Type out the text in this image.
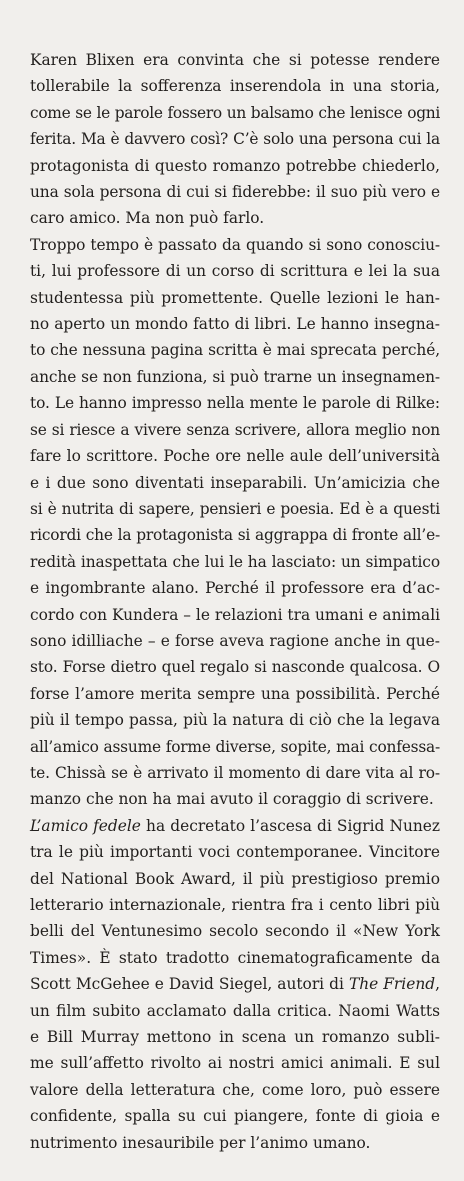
Karen Blixen era convinta che si potesse rendere
tollerabile la sofferenza inserendola in una storia,
come se le parole fossero un balsamo che lenisce ogni
ferita. Ma è davvero così? C’è solo una persona cui la
protagonista di questo romanzo potrebbe chiederlo,
una sola persona di cui si fiderebbe: il suo più vero e
caro amico. Ma non può farlo.

Troppo tempo è passato da quando si sono conosciu-
ti, lui professore di un corso di scrittura e lei la sua
studentessa più promettente. Quelle lezioni le han-
no aperto un mondo fatto di libri. Le hanno insegna-
to che nessuna pagina scritta è mai sprecata perché,
anche se non funziona, si può trarne un insegnamen-
to. Le hanno impresso nella mente le parole di Rilke:
se si riesce a vivere senza scrivere, allora meglio non
fare lo scrittore. Poche ore nelle aule dell’università
e i due sono diventati inseparabili. Un’amicizia che
si è nutrita di sapere, pensieri e poesia. Ed è a questi
ricordi che la protagonista si aggrappa di fronte all’e-
redità inaspettata che lui le ha lasciato: un simpatico
e ingombrante alano. Perché il professore era d’ac-
cordo con Kundera – le relazioni tra umani e animali
sono idilliache – e forse aveva ragione anche in que-
sto. Forse dietro quel regalo si nasconde qualcosa. O
forse l’amore merita sempre una possibilità. Perché
più il tempo passa, più la natura di ciò che la legava
all’amico assume forme diverse, sopite, mai confessa-
te. Chissà se è arrivato il momento di dare vita al ro-
manzo che non ha mai avuto il coraggio di scrivere.

L’amico fedele ha decretato l’ascesa di Sigrid Nunez
tra le più importanti voci contemporanee. Vincitore
del National Book Award, il più prestigioso premio
letterario internazionale, rientra fra i cento libri più
belli del Ventunesimo secolo secondo il «New York
Times». È stato tradotto cinematograficamente da
Scott McGehee e David Siegel, autori di The Friend,
un film subito acclamato dalla critica. Naomi Watts
e Bill Murray mettono in scena un romanzo subli-
me sull’affetto rivolto ai nostri amici animali. E sul
valore della letteratura che, come loro, può essere
confidente, spalla su cui piangere, fonte di gioia e
nutrimento inesauribile per l’animo umano.
